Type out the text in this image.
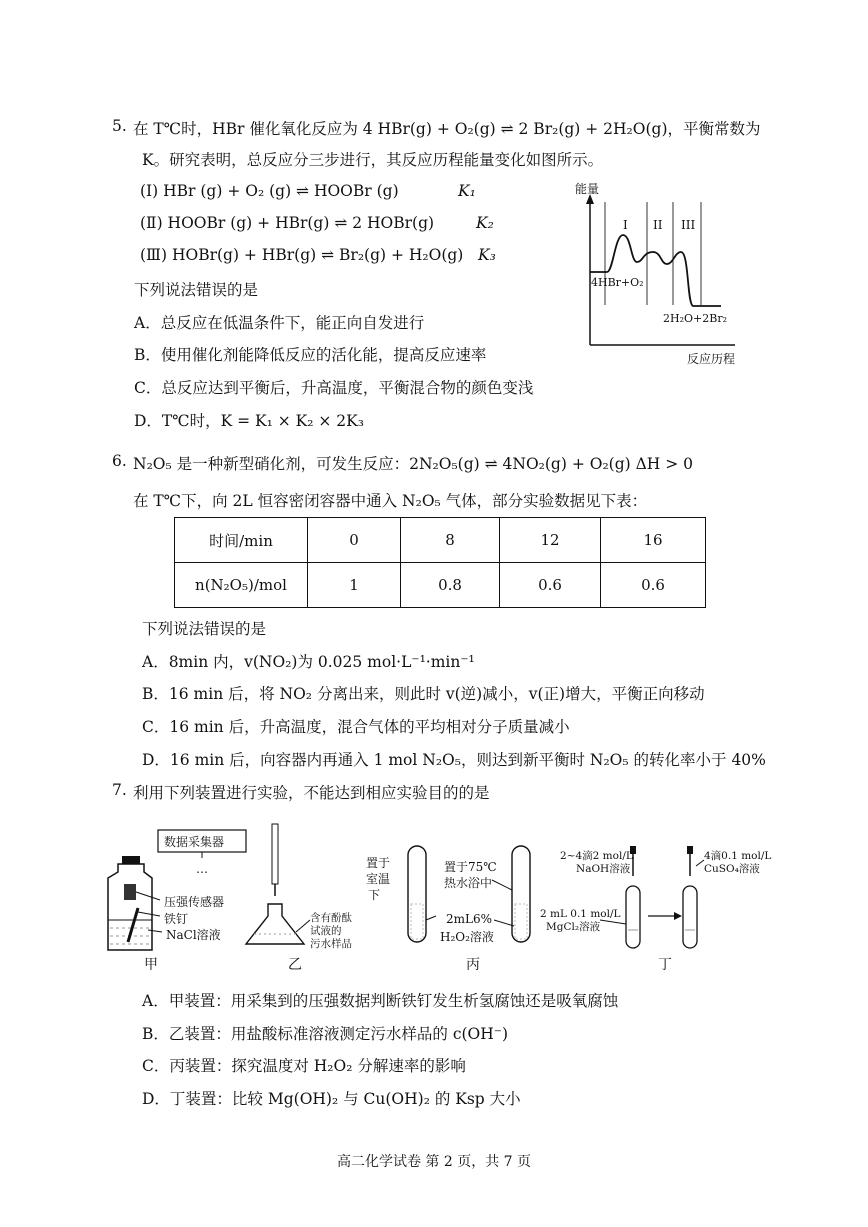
5. 在 T℃时，HBr 催化氧化反应为 4 HBr(g) + O₂(g) ⇌ 2 Br₂(g) + 2H₂O(g)，平衡常数为
K。研究表明，总反应分三步进行，其反应历程能量变化如图所示。
(Ⅰ) HBr (g) + O₂ (g) ⇌ HOOBr (g)	K₁
(Ⅱ) HOOBr (g) + HBr(g) ⇌ 2 HOBr(g)	K₂
(Ⅲ) HOBr(g) + HBr(g) ⇌ Br₂(g) + H₂O(g) K₃
下列说法错误的是
A．总反应在低温条件下，能正向自发进行
B．使用催化剂能降低反应的活化能，提高反应速率
C．总反应达到平衡后，升高温度，平衡混合物的颜色变浅
D．T℃时，K = K₁ × K₂ × 2K₃
能量
反应历程
I II III
4HBr+O₂
2H₂O+2Br₂
6. N₂O₅ 是一种新型硝化剂，可发生反应：2N₂O₅(g) ⇌ 4NO₂(g) + O₂(g) ΔH > 0
在 T℃下，向 2L 恒容密闭容器中通入 N₂O₅ 气体，部分实验数据见下表：
时间/min	0	8	12	16
n(N₂O₅)/mol	1	0.8	0.6	0.6
下列说法错误的是
A．8min 内，v(NO₂)为 0.025 mol·L⁻¹·min⁻¹
B．16 min 后，将 NO₂ 分离出来，则此时 v(逆)减小，v(正)增大，平衡正向移动
C．16 min 后，升高温度，混合气体的平均相对分子质量减小
D．16 min 后，向容器内再通入 1 mol N₂O₅，则达到新平衡时 N₂O₅ 的转化率小于 40%
7. 利用下列装置进行实验，不能达到相应实验目的的是
数据采集器
…
压强传感器
铁钉
NaCl溶液
甲
含有酚酞
试液的
污水样品
乙
置于
室温
下
置于75℃
热水浴中
2mL6%
H₂O₂溶液
丙
2~4滴2 mol/L
NaOH溶液
2 mL 0.1 mol/L
MgCl₂溶液
4滴0.1 mol/L
CuSO₄溶液
丁
A．甲装置：用采集到的压强数据判断铁钉发生析氢腐蚀还是吸氧腐蚀
B．乙装置：用盐酸标准溶液测定污水样品的 c(OH⁻)
C．丙装置：探究温度对 H₂O₂ 分解速率的影响
D．丁装置：比较 Mg(OH)₂ 与 Cu(OH)₂ 的 Ksp 大小
高二化学试卷 第 2 页，共 7 页
